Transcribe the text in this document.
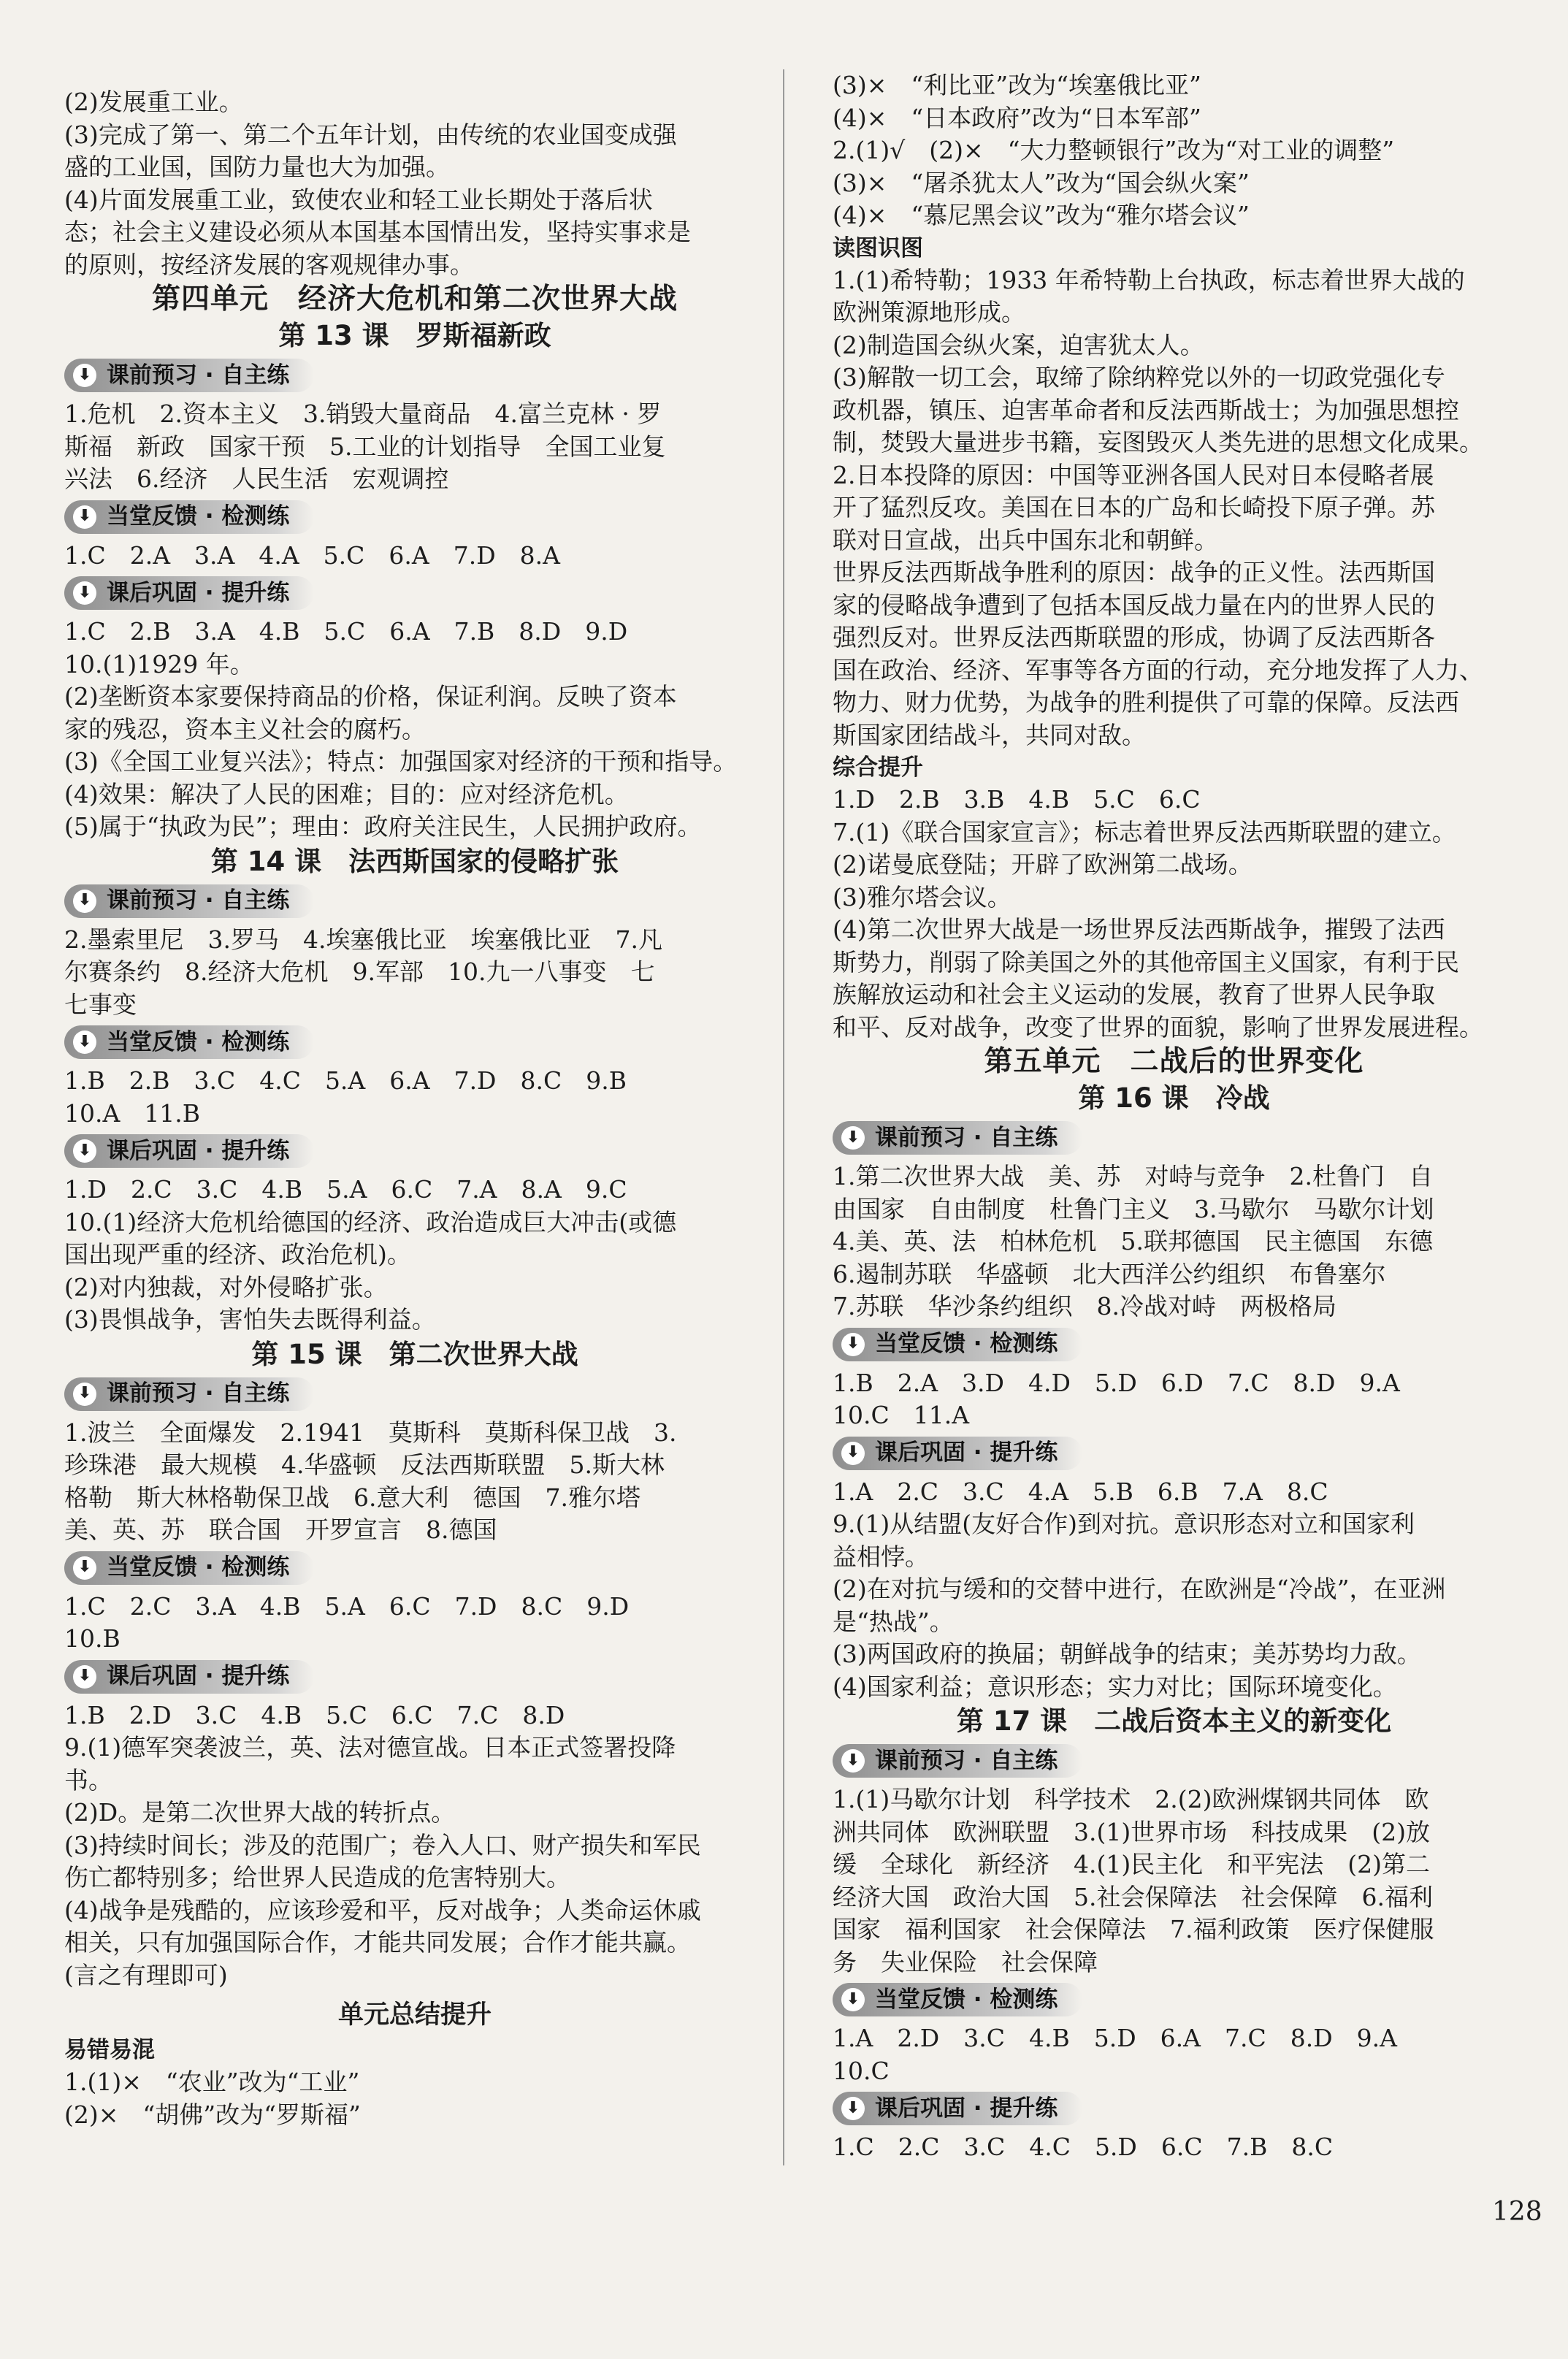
(2)发展重工业。
(3)完成了第一、第二个五年计划，由传统的农业国变成强
盛的工业国，国防力量也大为加强。
(4)片面发展重工业，致使农业和轻工业长期处于落后状
态；社会主义建设必须从本国基本国情出发，坚持实事求是
的原则，按经济发展的客观规律办事。
第四单元　经济大危机和第二次世界大战
第 13 课　罗斯福新政
⬇ 课前预习 · 自主练
1.危机　2.资本主义　3.销毁大量商品　4.富兰克林 · 罗
斯福　新政　国家干预　5.工业的计划指导　全国工业复
兴法　6.经济　人民生活　宏观调控
⬇ 当堂反馈 · 检测练
1.C　2.A　3.A　4.A　5.C　6.A　7.D　8.A
⬇ 课后巩固 · 提升练
1.C　2.B　3.A　4.B　5.C　6.A　7.B　8.D　9.D
10.(1)1929 年。
(2)垄断资本家要保持商品的价格，保证利润。反映了资本
家的残忍，资本主义社会的腐朽。
(3)《全国工业复兴法》；特点：加强国家对经济的干预和指导。
(4)效果：解决了人民的困难；目的：应对经济危机。
(5)属于“执政为民”；理由：政府关注民生，人民拥护政府。
第 14 课　法西斯国家的侵略扩张
⬇ 课前预习 · 自主练
2.墨索里尼　3.罗马　4.埃塞俄比亚　埃塞俄比亚　7.凡
尔赛条约　8.经济大危机　9.军部　10.九一八事变　七
七事变
⬇ 当堂反馈 · 检测练
1.B　2.B　3.C　4.C　5.A　6.A　7.D　8.C　9.B
10.A　11.B
⬇ 课后巩固 · 提升练
1.D　2.C　3.C　4.B　5.A　6.C　7.A　8.A　9.C
10.(1)经济大危机给德国的经济、政治造成巨大冲击(或德
国出现严重的经济、政治危机)。
(2)对内独裁，对外侵略扩张。
(3)畏惧战争，害怕失去既得利益。
第 15 课　第二次世界大战
⬇ 课前预习 · 自主练
1.波兰　全面爆发　2.1941　莫斯科　莫斯科保卫战　3.
珍珠港　最大规模　4.华盛顿　反法西斯联盟　5.斯大林
格勒　斯大林格勒保卫战　6.意大利　德国　7.雅尔塔
美、英、苏　联合国　开罗宣言　8.德国
⬇ 当堂反馈 · 检测练
1.C　2.C　3.A　4.B　5.A　6.C　7.D　8.C　9.D
10.B
⬇ 课后巩固 · 提升练
1.B　2.D　3.C　4.B　5.C　6.C　7.C　8.D
9.(1)德军突袭波兰，英、法对德宣战。日本正式签署投降
书。
(2)D。是第二次世界大战的转折点。
(3)持续时间长；涉及的范围广；卷入人口、财产损失和军民
伤亡都特别多；给世界人民造成的危害特别大。
(4)战争是残酷的，应该珍爱和平，反对战争；人类命运休戚
相关，只有加强国际合作，才能共同发展；合作才能共赢。
(言之有理即可)
单元总结提升
易错易混
1.(1)×　“农业”改为“工业”
(2)×　“胡佛”改为“罗斯福”
(3)×　“利比亚”改为“埃塞俄比亚”
(4)×　“日本政府”改为“日本军部”
2.(1)√　(2)×　“大力整顿银行”改为“对工业的调整”
(3)×　“屠杀犹太人”改为“国会纵火案”
(4)×　“慕尼黑会议”改为“雅尔塔会议”
读图识图
1.(1)希特勒；1933 年希特勒上台执政，标志着世界大战的
欧洲策源地形成。
(2)制造国会纵火案，迫害犹太人。
(3)解散一切工会，取缔了除纳粹党以外的一切政党强化专
政机器，镇压、迫害革命者和反法西斯战士；为加强思想控
制，焚毁大量进步书籍，妄图毁灭人类先进的思想文化成果。
2.日本投降的原因：中国等亚洲各国人民对日本侵略者展
开了猛烈反攻。美国在日本的广岛和长崎投下原子弹。苏
联对日宣战，出兵中国东北和朝鲜。
世界反法西斯战争胜利的原因：战争的正义性。法西斯国
家的侵略战争遭到了包括本国反战力量在内的世界人民的
强烈反对。世界反法西斯联盟的形成，协调了反法西斯各
国在政治、经济、军事等各方面的行动，充分地发挥了人力、
物力、财力优势，为战争的胜利提供了可靠的保障。反法西
斯国家团结战斗，共同对敌。
综合提升
1.D　2.B　3.B　4.B　5.C　6.C
7.(1)《联合国家宣言》；标志着世界反法西斯联盟的建立。
(2)诺曼底登陆；开辟了欧洲第二战场。
(3)雅尔塔会议。
(4)第二次世界大战是一场世界反法西斯战争，摧毁了法西
斯势力，削弱了除美国之外的其他帝国主义国家，有利于民
族解放运动和社会主义运动的发展，教育了世界人民争取
和平、反对战争，改变了世界的面貌，影响了世界发展进程。
第五单元　二战后的世界变化
第 16 课　冷战
⬇ 课前预习 · 自主练
1.第二次世界大战　美、苏　对峙与竞争　2.杜鲁门　自
由国家　自由制度　杜鲁门主义　3.马歇尔　马歇尔计划
4.美、英、法　柏林危机　5.联邦德国　民主德国　东德
6.遏制苏联　华盛顿　北大西洋公约组织　布鲁塞尔
7.苏联　华沙条约组织　8.冷战对峙　两极格局
⬇ 当堂反馈 · 检测练
1.B　2.A　3.D　4.D　5.D　6.D　7.C　8.D　9.A
10.C　11.A
⬇ 课后巩固 · 提升练
1.A　2.C　3.C　4.A　5.B　6.B　7.A　8.C
9.(1)从结盟(友好合作)到对抗。意识形态对立和国家利
益相悖。
(2)在对抗与缓和的交替中进行，在欧洲是“冷战”，在亚洲
是“热战”。
(3)两国政府的换届；朝鲜战争的结束；美苏势均力敌。
(4)国家利益；意识形态；实力对比；国际环境变化。
第 17 课　二战后资本主义的新变化
⬇ 课前预习 · 自主练
1.(1)马歇尔计划　科学技术　2.(2)欧洲煤钢共同体　欧
洲共同体　欧洲联盟　3.(1)世界市场　科技成果　(2)放
缓　全球化　新经济　4.(1)民主化　和平宪法　(2)第二
经济大国　政治大国　5.社会保障法　社会保障　6.福利
国家　福利国家　社会保障法　7.福利政策　医疗保健服
务　失业保险　社会保障
⬇ 当堂反馈 · 检测练
1.A　2.D　3.C　4.B　5.D　6.A　7.C　8.D　9.A
10.C
⬇ 课后巩固 · 提升练
1.C　2.C　3.C　4.C　5.D　6.C　7.B　8.C
128
